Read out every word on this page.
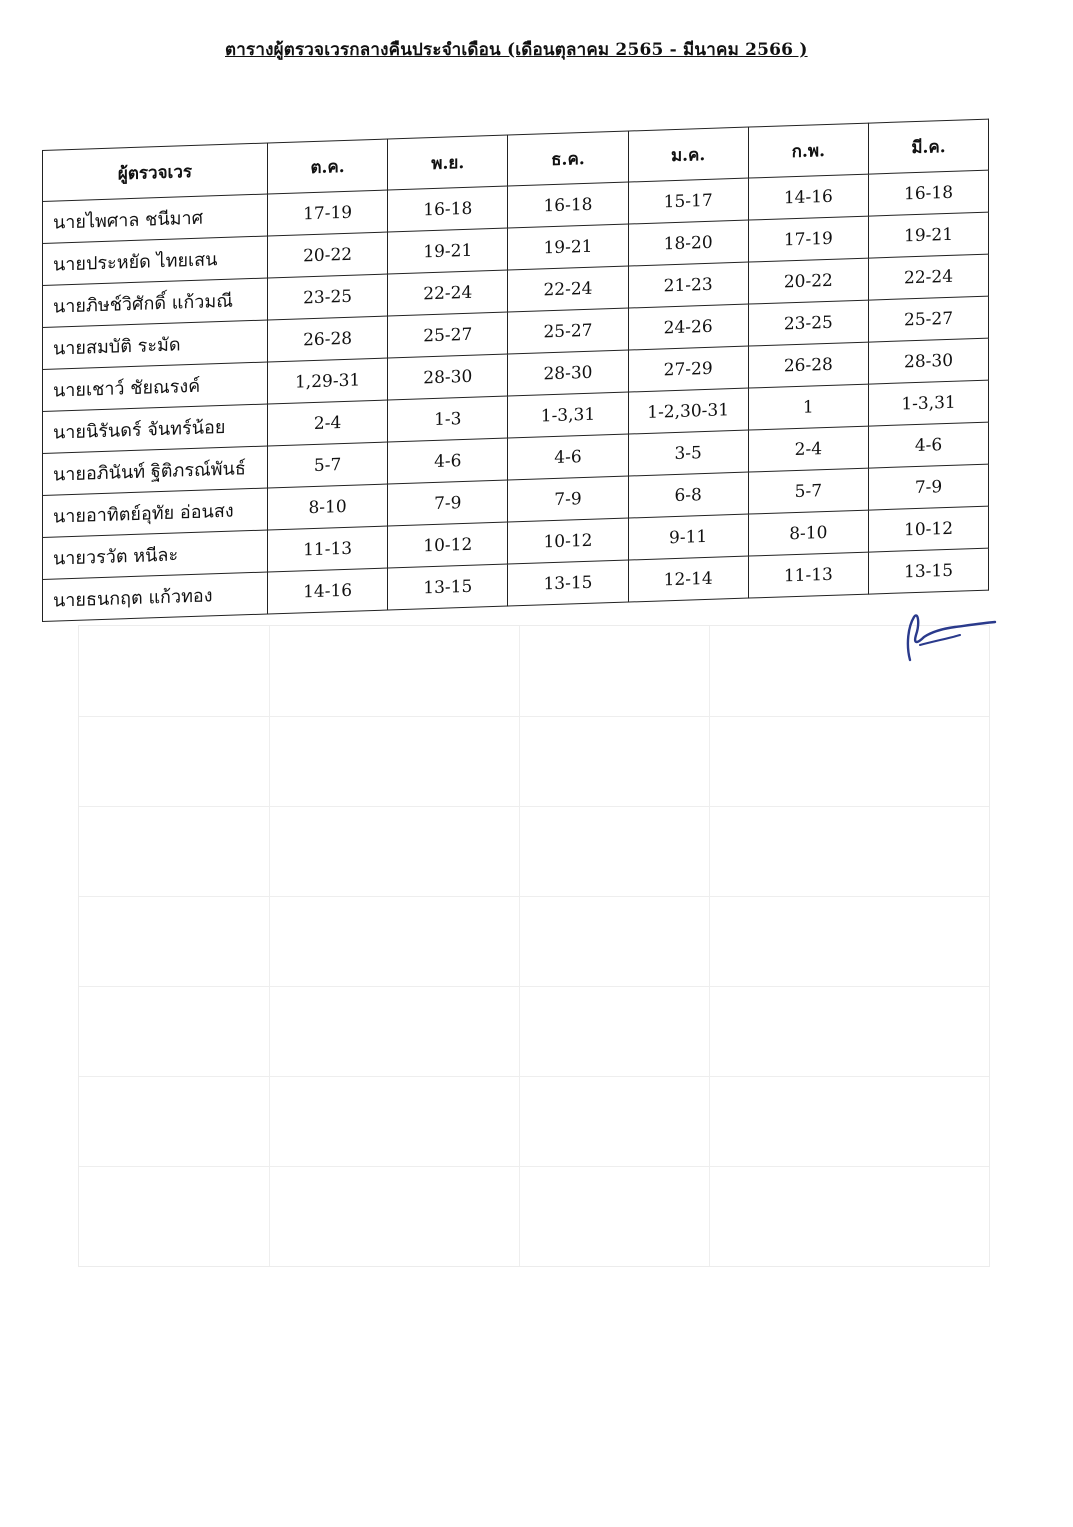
ตารางผู้ตรวจเวรกลางคืนประจำเดือน (เดือนตุลาคม 2565 - มีนาคม 2566 )
ผู้ตรวจเวร	ต.ค.	พ.ย.	ธ.ค.	ม.ค.	ก.พ.	มี.ค.
นายไพศาล ชนีมาศ	17-19	16-18	16-18	15-17	14-16	16-18
นายประหยัด ไทยเสน	20-22	19-21	19-21	18-20	17-19	19-21
นายภิษช์วิศักดิ์ แก้วมณี	23-25	22-24	22-24	21-23	20-22	22-24
นายสมบัติ ระมัด	26-28	25-27	25-27	24-26	23-25	25-27
นายเชาว์ ชัยณรงค์	1,29-31	28-30	28-30	27-29	26-28	28-30
นายนิรันดร์ จันทร์น้อย	2-4	1-3	1-3,31	1-2,30-31	1	1-3,31
นายอภินันท์ ฐิติภรณ์พันธ์	5-7	4-6	4-6	3-5	2-4	4-6
นายอาทิตย์อุทัย อ่อนสง	8-10	7-9	7-9	6-8	5-7	7-9
นายวรวัต หนีละ	11-13	10-12	10-12	9-11	8-10	10-12
นายธนกฤต แก้วทอง	14-16	13-15	13-15	12-14	11-13	13-15
